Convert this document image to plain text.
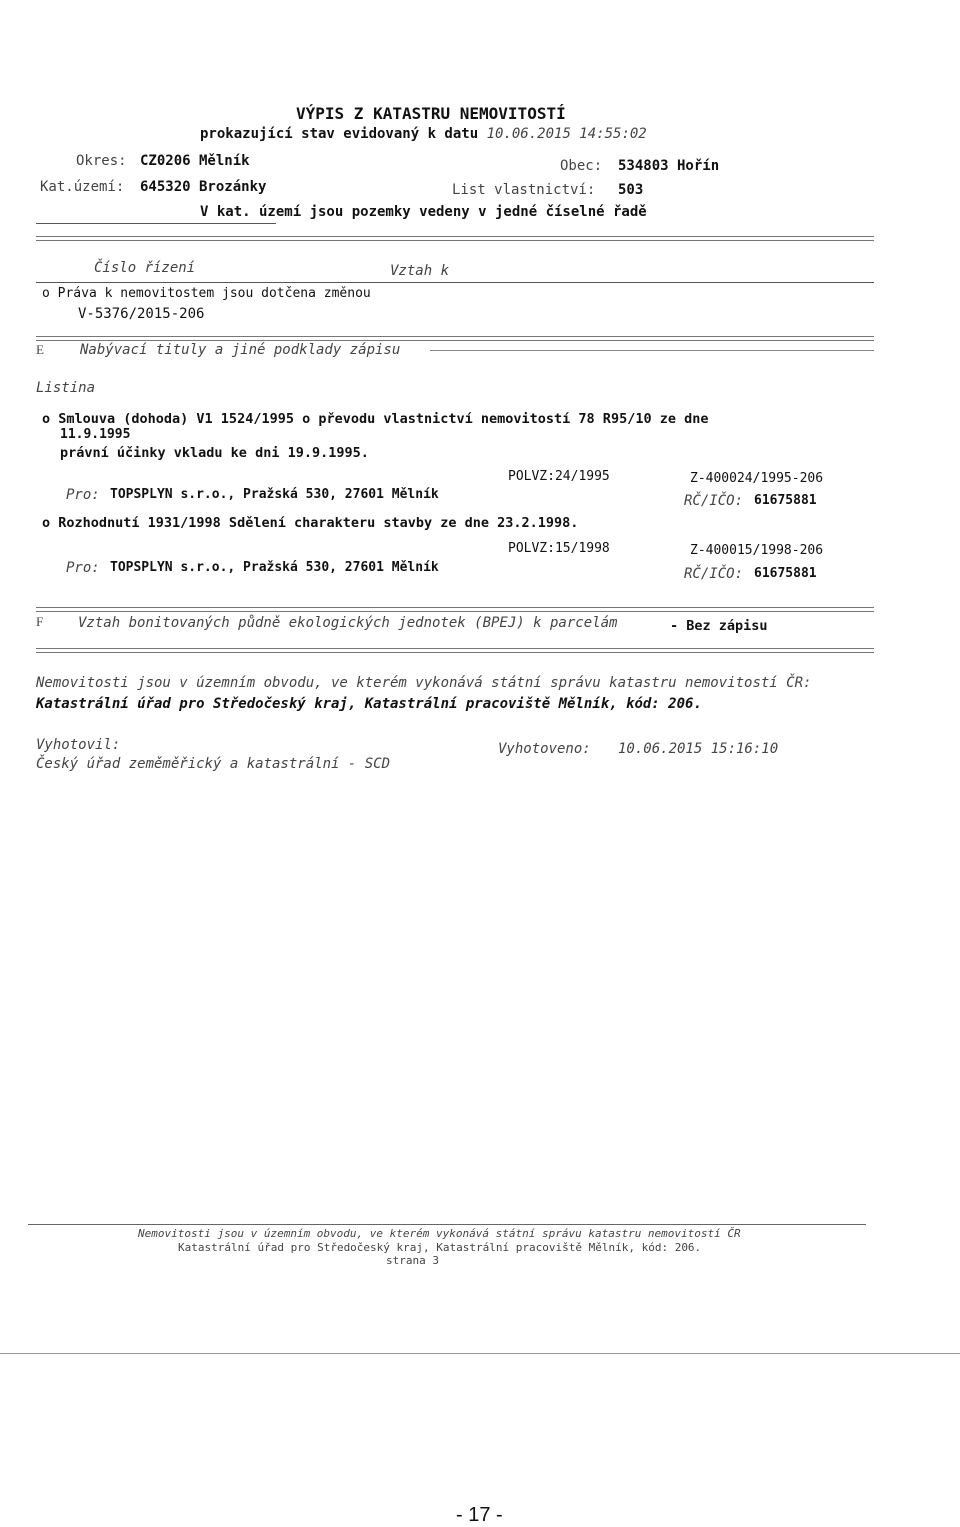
VÝPIS Z KATASTRU NEMOVITOSTÍ
prokazující stav evidovaný k datu 10.06.2015 14:55:02
Okres: CZ0206 Mělník	Obec: 534803 Hořín
Kat.území: 645320 Brozánky	List vlastnictví: 503
V kat. území jsou pozemky vedeny v jedné číselné řadě
Číslo řízení	Vztah k
o Práva k nemovitostem jsou dotčena změnou
V-5376/2015-206
E	Nabývací tituly a jiné podklady zápisu
Listina
o Smlouva (dohoda) V1 1524/1995 o převodu vlastnictví nemovitostí 78 R95/10 ze dne
11.9.1995
právní účinky vkladu ke dni 19.9.1995.
POLVZ:24/1995	Z-400024/1995-206
Pro: TOPSPLYN s.r.o., Pražská 530, 27601 Mělník	RČ/IČO: 61675881
o Rozhodnutí 1931/1998 Sdělení charakteru stavby ze dne 23.2.1998.
POLVZ:15/1998	Z-400015/1998-206
Pro: TOPSPLYN s.r.o., Pražská 530, 27601 Mělník	RČ/IČO: 61675881
F Vztah bonitovaných půdně ekologických jednotek (BPEJ) k parcelám	- Bez zápisu
Nemovitosti jsou v územním obvodu, ve kterém vykonává státní správu katastru nemovitostí ČR:
Katastrální úřad pro Středočeský kraj, Katastrální pracoviště Mělník, kód: 206.
Vyhotovil:	Vyhotoveno: 10.06.2015 15:16:10
Český úřad zeměměřický a katastrální - SCD
Nemovitosti jsou v územním obvodu, ve kterém vykonává státní správu katastru nemovitostí ČR
Katastrální úřad pro Středočeský kraj, Katastrální pracoviště Mělník, kód: 206.
strana 3
- 17 -
